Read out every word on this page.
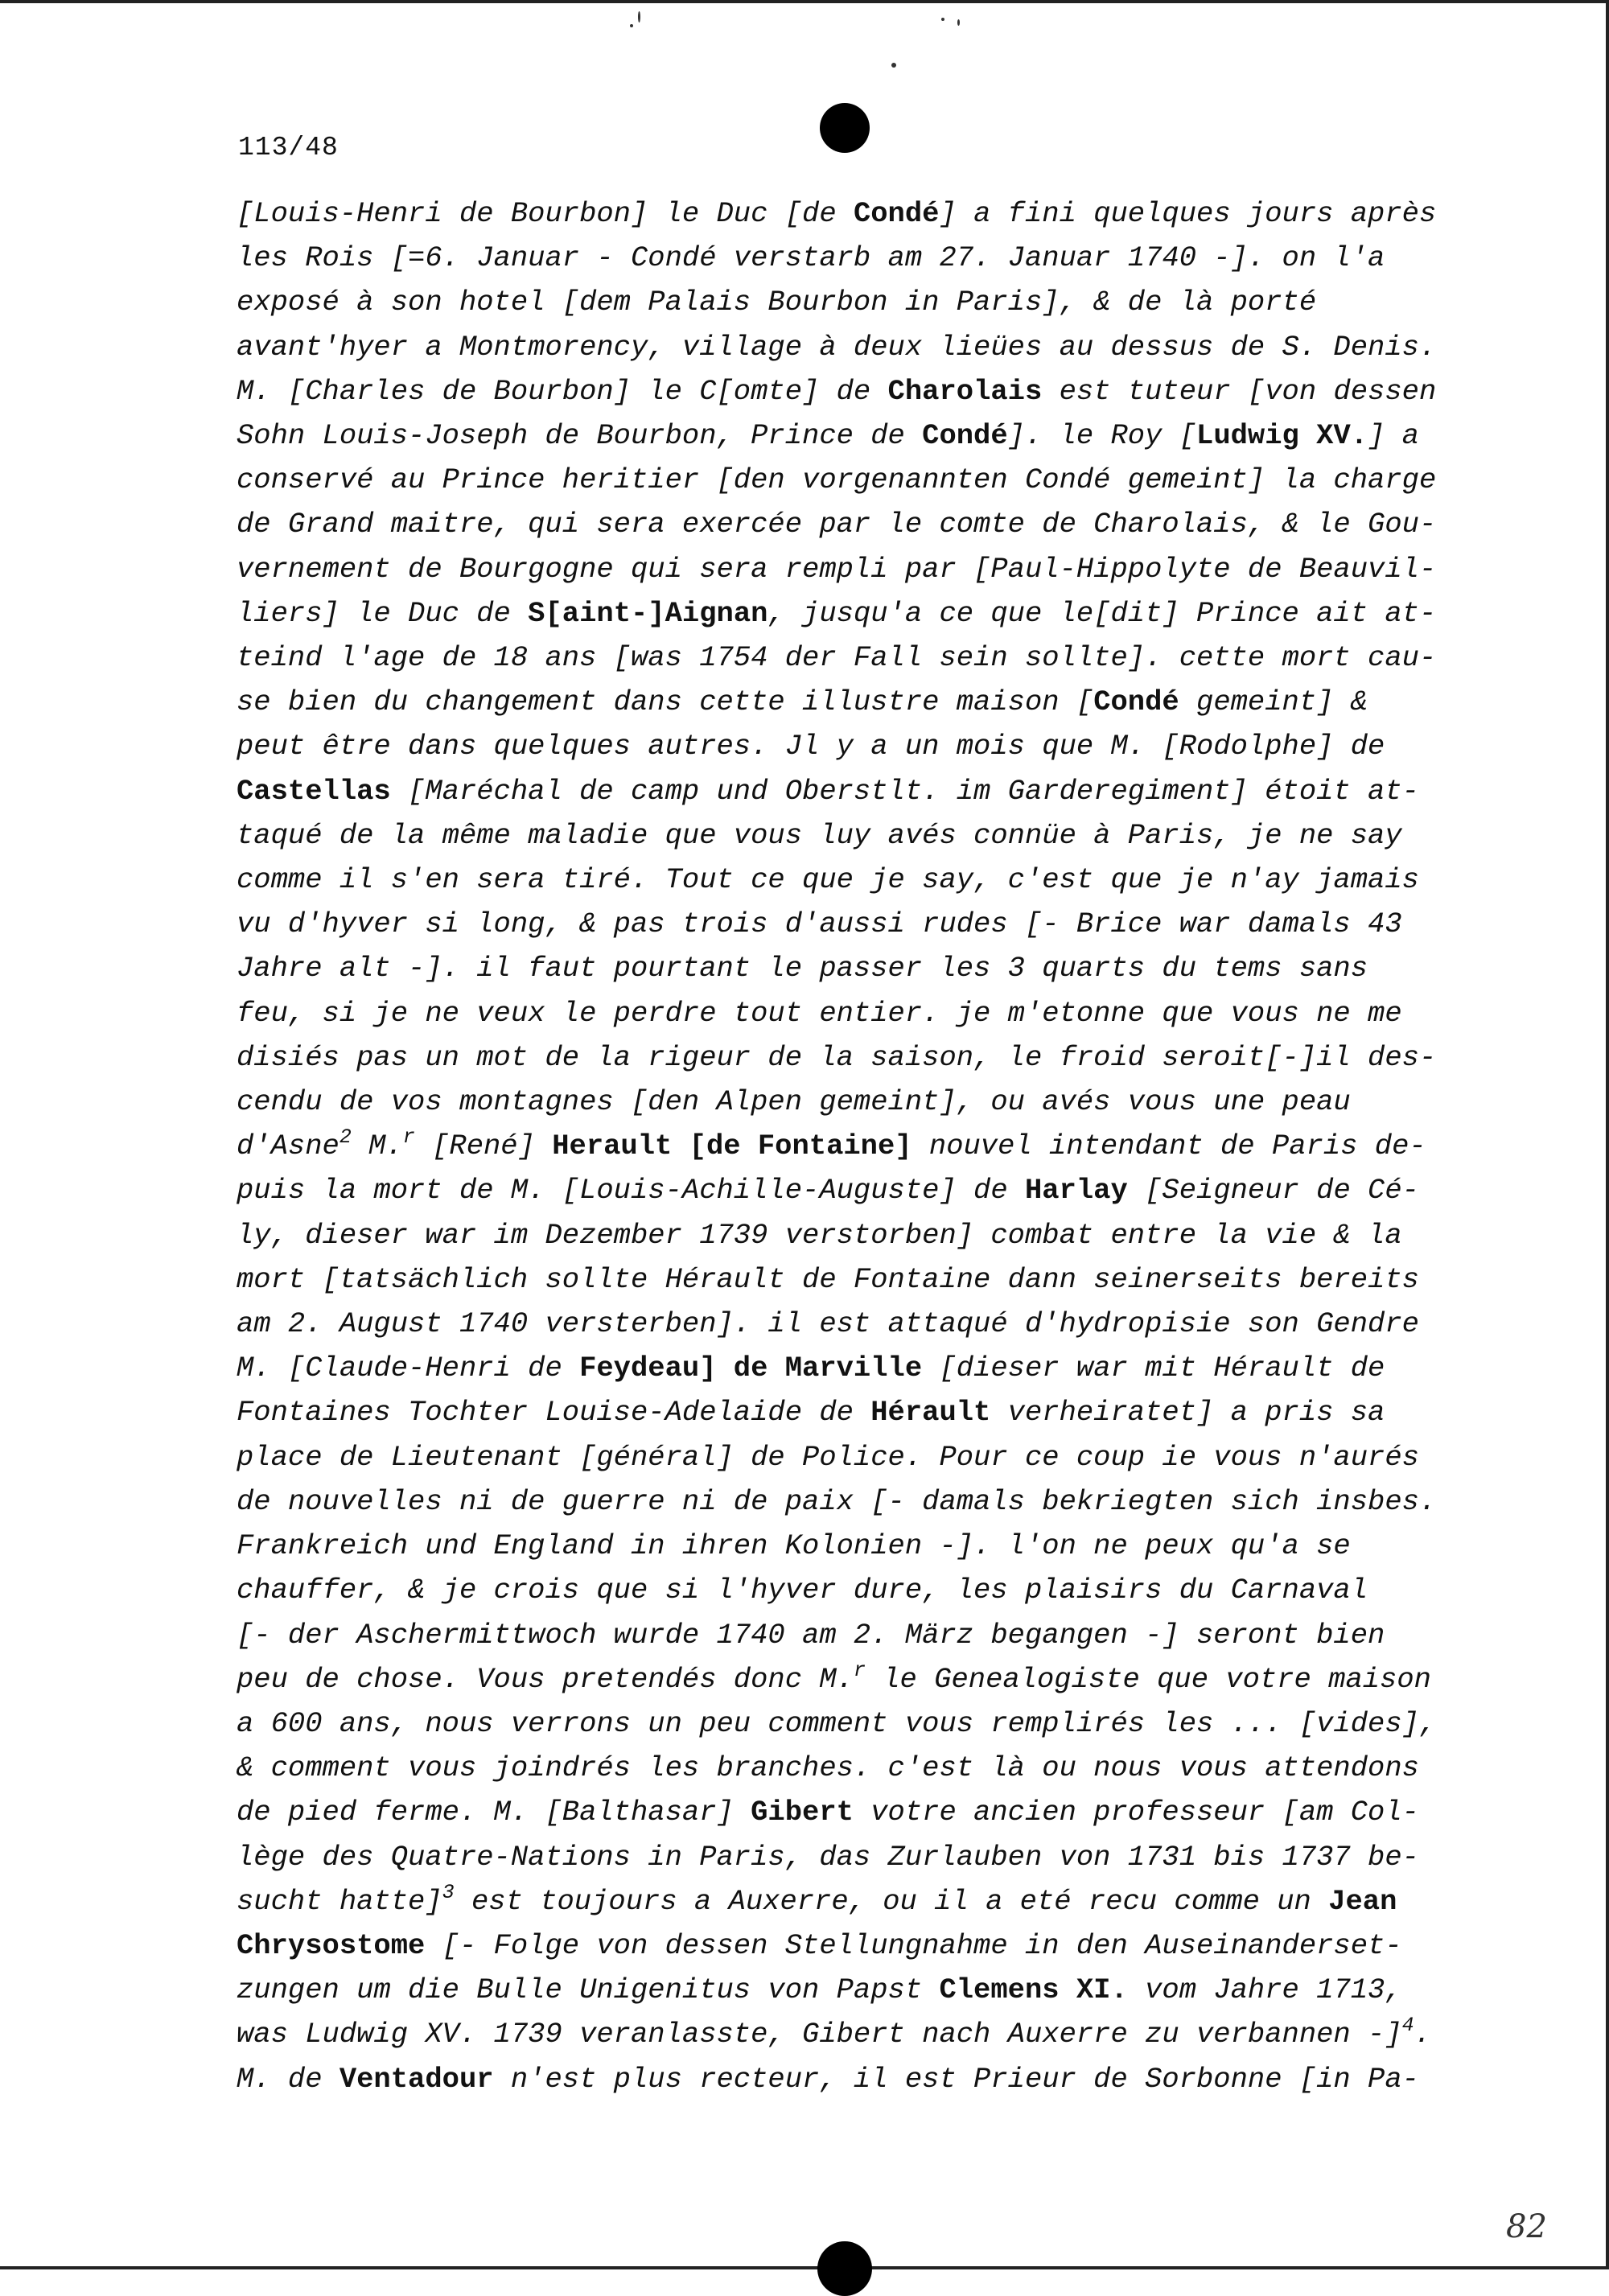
113/48
[Louis-Henri de Bourbon] le Duc [de Condé] a fini quelques jours après
les Rois [=6. Januar - Condé verstarb am 27. Januar 1740 -]. on l'a
exposé à son hotel [dem Palais Bourbon in Paris], & de là porté
avant'hyer a Montmorency, village à deux lieües au dessus de S. Denis.
M. [Charles de Bourbon] le C[omte] de Charolais est tuteur [von dessen
Sohn Louis-Joseph de Bourbon, Prince de Condé]. le Roy [Ludwig XV.] a
conservé au Prince heritier [den vorgenannten Condé gemeint] la charge
de Grand maitre, qui sera exercée par le comte de Charolais, & le Gou-
vernement de Bourgogne qui sera rempli par [Paul-Hippolyte de Beauvil-
liers] le Duc de S[aint-]Aignan, jusqu'a ce que le[dit] Prince ait at-
teind l'age de 18 ans [was 1754 der Fall sein sollte]. cette mort cau-
se bien du changement dans cette illustre maison [Condé gemeint] &
peut être dans quelques autres. Jl y a un mois que M. [Rodolphe] de
Castellas [Maréchal de camp und Oberstlt. im Garderegiment] étoit at-
taqué de la même maladie que vous luy avés connüe à Paris, je ne say
comme il s'en sera tiré. Tout ce que je say, c'est que je n'ay jamais
vu d'hyver si long, & pas trois d'aussi rudes [- Brice war damals 43
Jahre alt -]. il faut pourtant le passer les 3 quarts du tems sans
feu, si je ne veux le perdre tout entier. je m'etonne que vous ne me
disiés pas un mot de la rigeur de la saison, le froid seroit[-]il des-
cendu de vos montagnes [den Alpen gemeint], ou avés vous une peau
d'Asne$^2$ M.$^r$ [René] Herault [de Fontaine] nouvel intendant de Paris de-
puis la mort de M. [Louis-Achille-Auguste] de Harlay [Seigneur de Cé-
ly, dieser war im Dezember 1739 verstorben] combat entre la vie & la
mort [tatsächlich sollte Hérault de Fontaine dann seinerseits bereits
am 2. August 1740 versterben]. il est attaqué d'hydropisie son Gendre
M. [Claude-Henri de Feydeau] de Marville [dieser war mit Hérault de
Fontaines Tochter Louise-Adelaide de Hérault verheiratet] a pris sa
place de Lieutenant [général] de Police. Pour ce coup ie vous n'aurés
de nouvelles ni de guerre ni de paix [- damals bekriegten sich insbes.
Frankreich und England in ihren Kolonien -]. l'on ne peux qu'a se
chauffer, & je crois que si l'hyver dure, les plaisirs du Carnaval
[- der Aschermittwoch wurde 1740 am 2. März begangen -] seront bien
peu de chose. Vous pretendés donc M.$^r$ le Genealogiste que votre maison
a 600 ans, nous verrons un peu comment vous remplirés les ... [vides],
& comment vous joindrés les branches. c'est là ou nous vous attendons
de pied ferme. M. [Balthasar] Gibert votre ancien professeur [am Col-
lège des Quatre-Nations in Paris, das Zurlauben von 1731 bis 1737 be-
sucht hatte]$^3$ est toujours a Auxerre, ou il a eté recu comme un Jean
Chrysostome [- Folge von dessen Stellungnahme in den Auseinanderset-
zungen um die Bulle Unigenitus von Papst Clemens XI. vom Jahre 1713,
was Ludwig XV. 1739 veranlasste, Gibert nach Auxerre zu verbannen -]$^4$.
M. de Ventadour n'est plus recteur, il est Prieur de Sorbonne [in Pa-
82
